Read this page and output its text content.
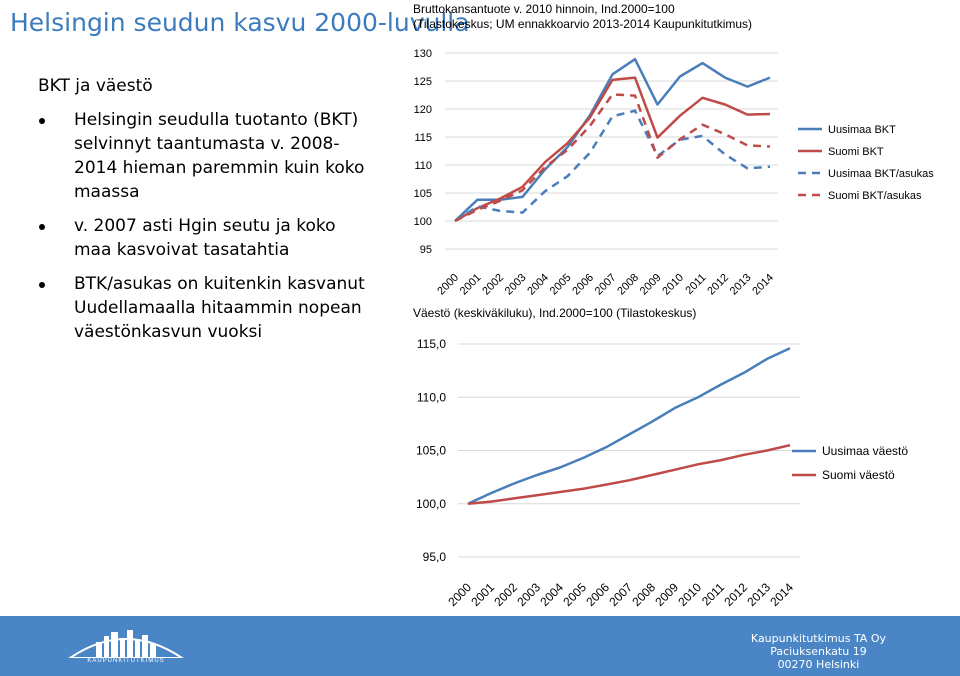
Helsingin seudun kasvu 2000-luvulla
Bruttokansantuote v. 2010 hinnoin, Ind.2000=100
(Tilastokeskus; UM ennakkoarvio 2013-2014 Kaupunkitutkimus)
BKT ja väestö
Helsingin seudulla tuotanto (BKT) selvinnyt taantumasta v. 2008-2014 hieman paremmin kuin koko maassa
v. 2007 asti Hgin seutu ja koko maa kasvoivat tasatahtia
BTK/asukas on kuitenkin kasvanut Uudellamaalla hitaammin nopean väestönkasvun vuoksi
95
100
105
110
115
120
125
130
2000
2001
2002
2003
2004
2005
2006
2007
2008
2009
2010
2011
2012
2013
2014
Uusimaa BKT
Suomi BKT
Uusimaa BKT/asukas
Suomi BKT/asukas
Väestö (keskiväkiluku), Ind.2000=100 (Tilastokeskus)
95,0
100,0
105,0
110,0
115,0
2000
2001
2002
2003
2004
2005
2006
2007
2008
2009
2010
2011
2012
2013
2014
Uusimaa väestö
Suomi väestö
KAUPUNKITUTKIMUS
Kaupunkitutkimus TA Oy
Paciuksenkatu 19
00270 Helsinki
